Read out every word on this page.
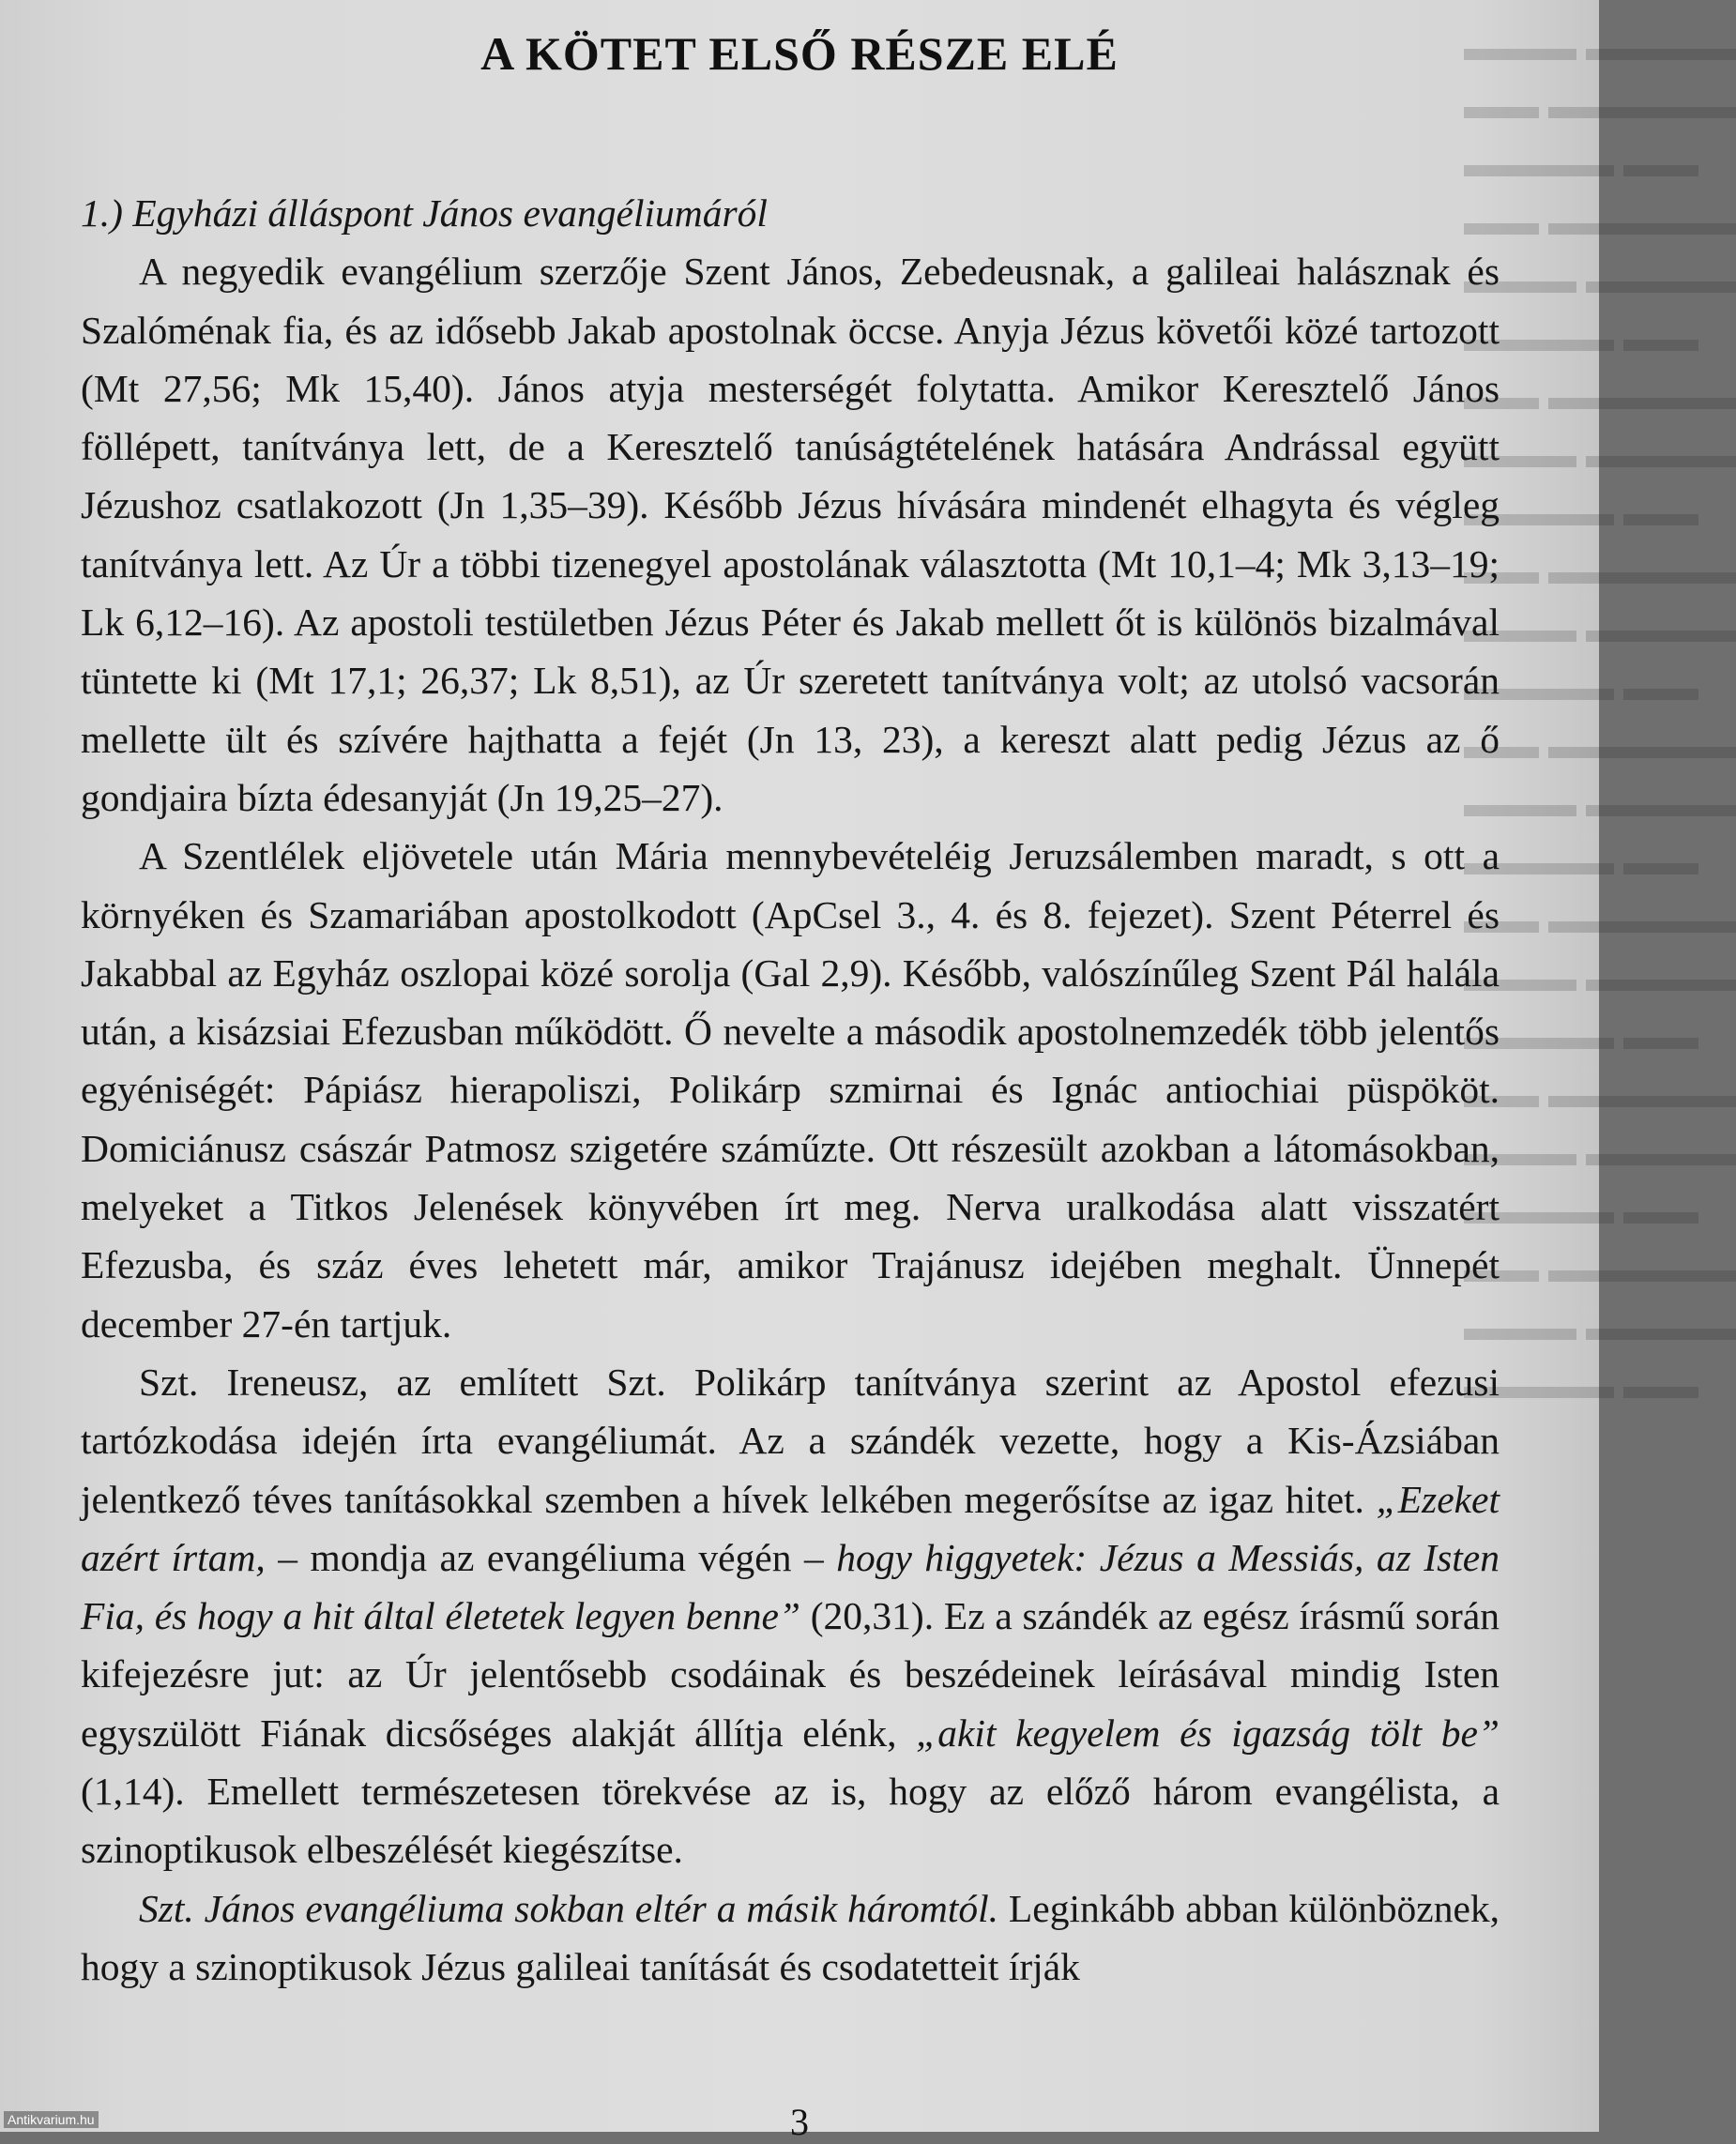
▬▬▬ ▬▬▬▬
▬▬ ▬▬▬▬▬
▬▬▬▬ ▬▬
▬▬ ▬▬▬▬▬
▬▬▬ ▬▬▬▬
▬▬▬▬ ▬▬
▬▬ ▬▬▬▬▬
▬▬▬ ▬▬▬▬
▬▬▬▬ ▬▬
▬▬ ▬▬▬▬▬
▬▬▬ ▬▬▬▬
▬▬▬▬ ▬▬
▬▬ ▬▬▬▬▬
▬▬▬ ▬▬▬▬
▬▬▬▬ ▬▬
▬▬ ▬▬▬▬▬
▬▬▬ ▬▬▬▬
▬▬▬▬ ▬▬
▬▬ ▬▬▬▬▬
▬▬▬ ▬▬▬▬
▬▬▬▬ ▬▬
▬▬ ▬▬▬▬▬
▬▬▬ ▬▬▬▬
▬▬▬▬ ▬▬
A KÖTET ELSŐ RÉSZE ELÉ
1.) Egyházi álláspont János evangéliumáról

A negyedik evangélium szerzője Szent János, Zebedeusnak, a galileai halásznak és Szalóménak fia, és az idősebb Jakab apostolnak öccse. Anyja Jézus követői közé tartozott (Mt 27,56; Mk 15,40). János atyja mesterségét folytatta. Amikor Keresztelő János föllépett, tanítványa lett, de a Keresztelő tanúságtételének hatására Andrással együtt Jézushoz csatlakozott (Jn 1,35–39). Később Jézus hívására mindenét elhagyta és végleg tanítványa lett. Az Úr a többi tizenegyel apostolának választotta (Mt 10,1–4; Mk 3,13–19; Lk 6,12–16). Az apostoli testületben Jézus Péter és Jakab mellett őt is különös bizalmával tüntette ki (Mt 17,1; 26,37; Lk 8,51), az Úr szeretett tanítványa volt; az utolsó vacsorán mellette ült és szívére hajthatta a fejét (Jn 13, 23), a kereszt alatt pedig Jézus az ő gondjaira bízta édesanyját (Jn 19,25–27).

A Szentlélek eljövetele után Mária mennybevételéig Jeruzsálemben maradt, s ott a környéken és Szamariában apostolkodott (ApCsel 3., 4. és 8. fejezet). Szent Péterrel és Jakabbal az Egyház oszlopai közé sorolja (Gal 2,9). Később, valószínűleg Szent Pál halála után, a kisázsiai Efezusban működött. Ő nevelte a második apostolnemzedék több jelentős egyéniségét: Pápiász hierapoliszi, Polikárp szmirnai és Ignác antiochiai püspököt. Domiciánusz császár Patmosz szigetére száműzte. Ott részesült azokban a látomásokban, melyeket a Titkos Jelenések könyvében írt meg. Nerva uralkodása alatt visszatért Efezusba, és száz éves lehetett már, amikor Trajánusz idejében meghalt. Ünnepét december 27-én tartjuk.

Szt. Ireneusz, az említett Szt. Polikárp tanítványa szerint az Apostol efezusi tartózkodása idején írta evangéliumát. Az a szándék vezette, hogy a Kis-Ázsiában jelentkező téves tanításokkal szemben a hívek lelkében megerősítse az igaz hitet. „Ezeket azért írtam, – mondja az evangéliuma végén – hogy higgyetek: Jézus a Messiás, az Isten Fia, és hogy a hit által életetek legyen benne” (20,31). Ez a szándék az egész írásmű során kifejezésre jut: az Úr jelentősebb csodáinak és beszédeinek leírásával mindig Isten egyszülött Fiának dicsőséges alakját állítja elénk, „akit kegyelem és igazság tölt be” (1,14). Emellett természetesen törekvése az is, hogy az előző három evangélista, a szinoptikusok elbeszélését kiegészítse.

Szt. János evangéliuma sokban eltér a másik háromtól. Leginkább abban különböznek, hogy a szinoptikusok Jézus galileai tanítását és csodatetteit írják

3
Antikvarium.hu
